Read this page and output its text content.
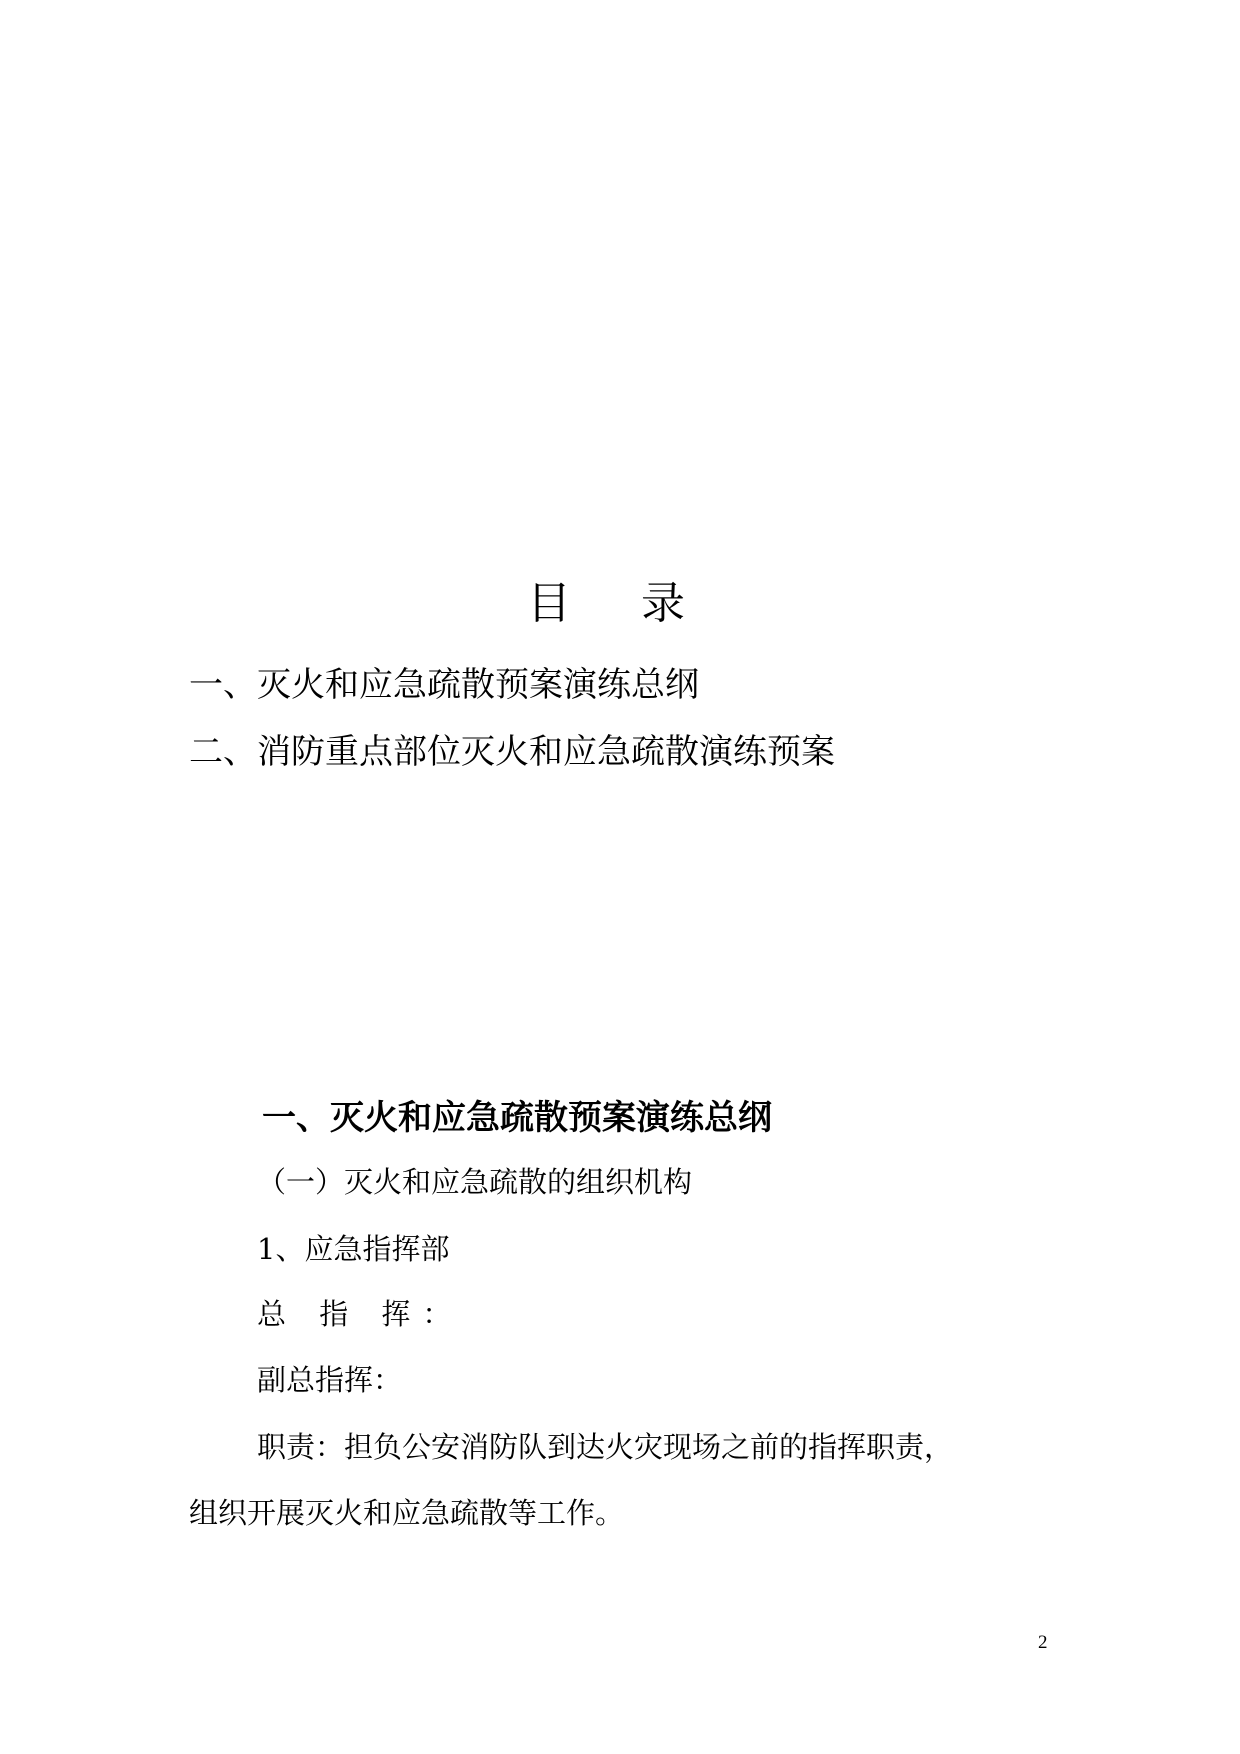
目 录
一、灭火和应急疏散预案演练总纲
二、消防重点部位灭火和应急疏散演练预案
一、灭火和应急疏散预案演练总纲
（一）灭火和应急疏散的组织机构
1、应急指挥部
总 指 挥：
副总指挥：
职责：担负公安消防队到达火灾现场之前的指挥职责，
组织开展灭火和应急疏散等工作。
2
